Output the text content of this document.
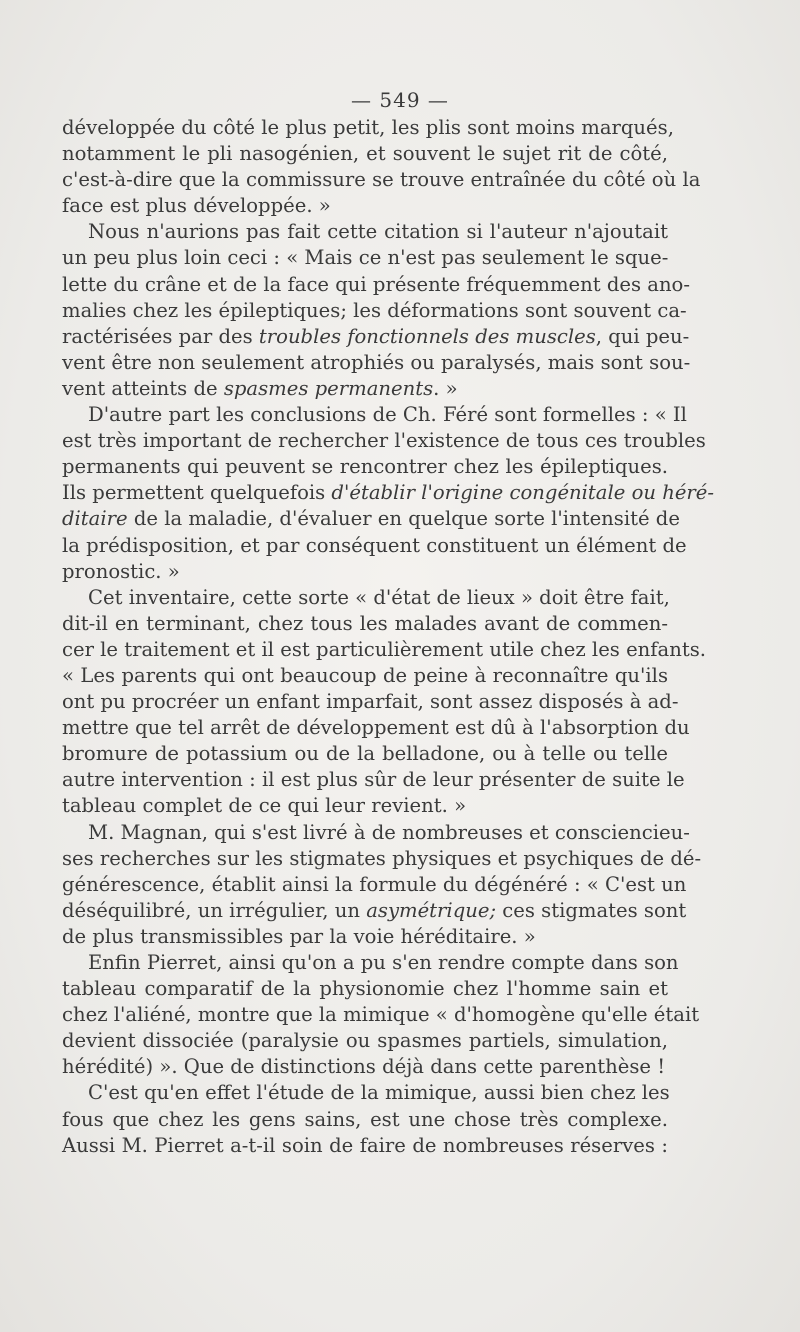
— 549 —
développée du côté le plus petit, les plis sont moins marqués,
notamment le pli nasogénien, et souvent le sujet rit de côté,
c'est-à-dire que la commissure se trouve entraînée du côté où la
face est plus développée. »
Nous n'aurions pas fait cette citation si l'auteur n'ajoutait
un peu plus loin ceci : « Mais ce n'est pas seulement le sque-
lette du crâne et de la face qui présente fréquemment des ano-
malies chez les épileptiques; les déformations sont souvent ca-
ractérisées par des troubles fonctionnels des muscles, qui peu-
vent être non seulement atrophiés ou paralysés, mais sont sou-
vent atteints de spasmes permanents. »
D'autre part les conclusions de Ch. Féré sont formelles : « Il
est très important de rechercher l'existence de tous ces troubles
permanents qui peuvent se rencontrer chez les épileptiques.
Ils permettent quelquefois d'établir l'origine congénitale ou héré-
ditaire de la maladie, d'évaluer en quelque sorte l'intensité de
la prédisposition, et par conséquent constituent un élément de
pronostic. »
Cet inventaire, cette sorte « d'état de lieux » doit être fait,
dit-il en terminant, chez tous les malades avant de commen-
cer le traitement et il est particulièrement utile chez les enfants.
« Les parents qui ont beaucoup de peine à reconnaître qu'ils
ont pu procréer un enfant imparfait, sont assez disposés à ad-
mettre que tel arrêt de développement est dû à l'absorption du
bromure de potassium ou de la belladone, ou à telle ou telle
autre intervention : il est plus sûr de leur présenter de suite le
tableau complet de ce qui leur revient. »
M. Magnan, qui s'est livré à de nombreuses et consciencieu-
ses recherches sur les stigmates physiques et psychiques de dé-
générescence, établit ainsi la formule du dégénéré : « C'est un
déséquilibré, un irrégulier, un asymétrique; ces stigmates sont
de plus transmissibles par la voie héréditaire. »
Enfin Pierret, ainsi qu'on a pu s'en rendre compte dans son
tableau comparatif de la physionomie chez l'homme sain et
chez l'aliéné, montre que la mimique « d'homogène qu'elle était
devient dissociée (paralysie ou spasmes partiels, simulation,
hérédité) ». Que de distinctions déjà dans cette parenthèse !
C'est qu'en effet l'étude de la mimique, aussi bien chez les
fous que chez les gens sains, est une chose très complexe.
Aussi M. Pierret a-t-il soin de faire de nombreuses réserves :
